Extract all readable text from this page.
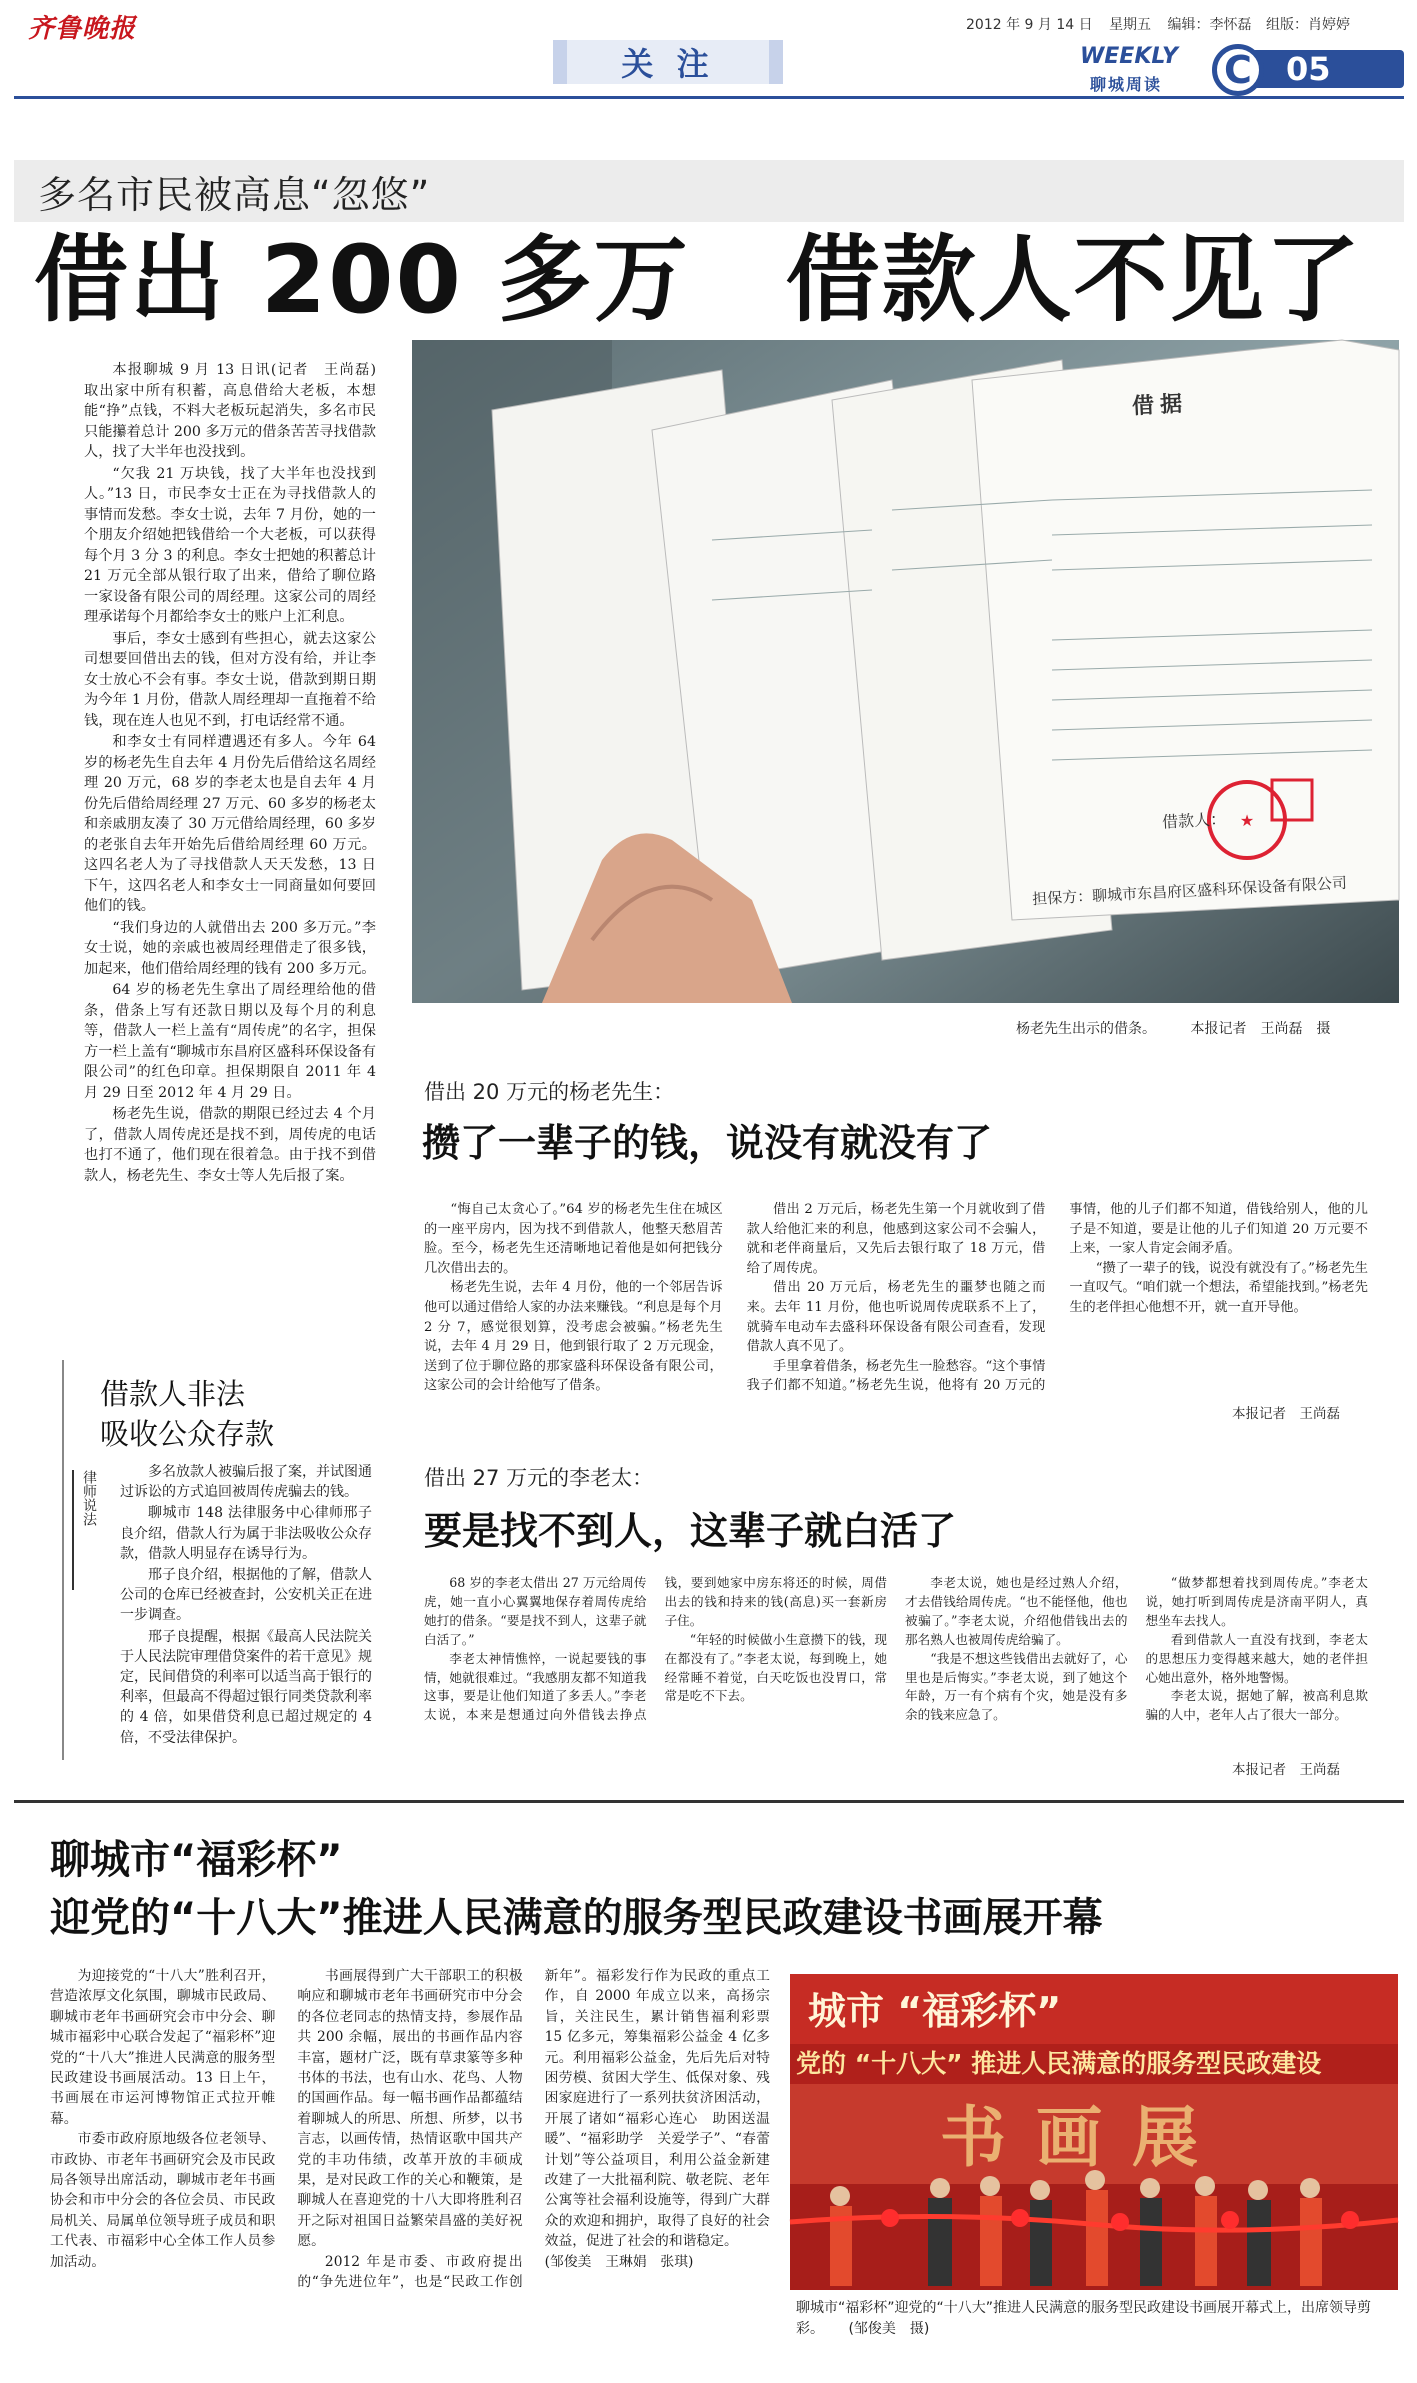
齐鲁晚报	2012 年 9 月 14 日 星期五 编辑：李怀磊 组版：肖婷婷
关 注	WEEKLY
聊城周读	C	05
多名市民被高息“忽悠”
借出 200 多万　借款人不见了

本报聊城 9 月 13 日讯(记者　王尚磊)　取出家中所有积蓄，高息借给大老板，本想能“挣”点钱，不料大老板玩起消失，多名市民只能攥着总计 200 多万元的借条苦苦寻找借款人，找了大半年也没找到。

“欠我 21 万块钱，找了大半年也没找到人。”13 日，市民李女士正在为寻找借款人的事情而发愁。李女士说，去年 7 月份，她的一个朋友介绍她把钱借给一个大老板，可以获得每个月 3 分 3 的利息。李女士把她的积蓄总计 21 万元全部从银行取了出来，借给了聊位路一家设备有限公司的周经理。这家公司的周经理承诺每个月都给李女士的账户上汇利息。

事后，李女士感到有些担心，就去这家公司想要回借出去的钱，但对方没有给，并让李女士放心不会有事。李女士说，借款到期日期为今年 1 月份，借款人周经理却一直拖着不给钱，现在连人也见不到，打电话经常不通。

和李女士有同样遭遇还有多人。今年 64 岁的杨老先生自去年 4 月份先后借给这名周经理 20 万元，68 岁的李老太也是自去年 4 月份先后借给周经理 27 万元、60 多岁的杨老太和亲戚朋友凑了 30 万元借给周经理，60 多岁的老张自去年开始先后借给周经理 60 万元。这四名老人为了寻找借款人天天发愁，13 日下午，这四名老人和李女士一同商量如何要回他们的钱。

“我们身边的人就借出去 200 多万元。”李女士说，她的亲戚也被周经理借走了很多钱，加起来，他们借给周经理的钱有 200 多万元。

64 岁的杨老先生拿出了周经理给他的借条，借条上写有还款日期以及每个月的利息等，借款人一栏上盖有“周传虎”的名字，担保方一栏上盖有“聊城市东昌府区盛科环保设备有限公司”的红色印章。担保期限自 2011 年 4 月 29 日至 2012 年 4 月 29 日。

杨老先生说，借款的期限已经过去 4 个月了，借款人周传虎还是找不到，周传虎的电话也打不通了，他们现在很着急。由于找不到借款人，杨老先生、李女士等人先后报了案。

★
借据
借款人：
担保方：聊城市东昌府区盛科环保设备有限公司
杨老先生出示的借条。 本报记者　王尚磊　摄
借出 20 万元的杨老先生：
攒了一辈子的钱，说没有就没有了

“悔自己太贪心了。”64 岁的杨老先生住在城区的一座平房内，因为找不到借款人，他整天愁眉苦脸。至今，杨老先生还清晰地记着他是如何把钱分几次借出去的。

杨老先生说，去年 4 月份，他的一个邻居告诉他可以通过借给人家的办法来赚钱。“利息是每个月 2 分 7，感觉很划算，没考虑会被骗。”杨老先生说，去年 4 月 29 日，他到银行取了 2 万元现金，送到了位于聊位路的那家盛科环保设备有限公司，这家公司的会计给他写了借条。

借出 2 万元后，杨老先生第一个月就收到了借款人给他汇来的利息，他感到这家公司不会骗人，就和老伴商量后，又先后去银行取了 18 万元，借给了周传虎。

借出 20 万元后，杨老先生的噩梦也随之而来。去年 11 月份，他也听说周传虎联系不上了，就骑车电动车去盛科环保设备有限公司查看，发现借款人真不见了。

手里拿着借条，杨老先生一脸愁容。“这个事情我子们都不知道。”杨老先生说，他将有 20 万元的事情，他的儿子们都不知道，借钱给别人，他的儿子是不知道，要是让他的儿子们知道 20 万元要不上来，一家人肯定会闹矛盾。

“攒了一辈子的钱，说没有就没有了。”杨老先生一直叹气。“咱们就一个想法，希望能找到。”杨老先生的老伴担心他想不开，就一直开导他。

本报记者　王尚磊
律师说法
借款人非法
吸收公众存款

多名放款人被骗后报了案，并试图通过诉讼的方式追回被周传虎骗去的钱。

聊城市 148 法律服务中心律师邢子良介绍，借款人行为属于非法吸收公众存款，借款人明显存在诱导行为。

邢子良介绍，根据他的了解，借款人公司的仓库已经被查封，公安机关正在进一步调查。

邢子良提醒，根据《最高人民法院关于人民法院审理借贷案件的若干意见》规定，民间借贷的利率可以适当高于银行的利率，但最高不得超过银行同类贷款利率的 4 倍，如果借贷利息已超过规定的 4 倍，不受法律保护。

借出 27 万元的李老太：
要是找不到人，这辈子就白活了

68 岁的李老太借出 27 万元给周传虎，她一直小心翼翼地保存着周传虎给她打的借条。“要是找不到人，这辈子就白活了。”

李老太神情憔悴，一说起要钱的事情，她就很难过。“我感朋友都不知道我这事，要是让他们知道了多丢人。”李老太说，本来是想通过向外借钱去挣点钱，要到她家中房东将还的时候，周借出去的钱和持来的钱(高息)买一套新房子住。

“年轻的时候做小生意攒下的钱，现在都没有了。”李老太说，每到晚上，她经常睡不着觉，白天吃饭也没胃口，常常是吃不下去。

李老太说，她也是经过熟人介绍，才去借钱给周传虎。“也不能怪他，他也被骗了。”李老太说，介绍他借钱出去的那名熟人也被周传虎给骗了。

“我是不想这些钱借出去就好了，心里也是后悔实。”李老太说，到了她这个年龄，万一有个病有个灾，她是没有多余的钱来应急了。

“做梦都想着找到周传虎。”李老太说，她打听到周传虎是济南平阴人，真想坐车去找人。

看到借款人一直没有找到，李老太的思想压力变得越来越大，她的老伴担心她出意外，格外地警惕。

李老太说，据她了解，被高利息欺骗的人中，老年人占了很大一部分。

本报记者　王尚磊
聊城市“福彩杯”
迎党的“十八大”推进人民满意的服务型民政建设书画展开幕

为迎接党的“十八大”胜利召开，营造浓厚文化氛围，聊城市民政局、聊城市老年书画研究会市中分会、聊城市福彩中心联合发起了“福彩杯”迎党的“十八大”推进人民满意的服务型民政建设书画展活动。13 日上午，书画展在市运河博物馆正式拉开帷幕。

市委市政府原地级各位老领导、市政协、市老年书画研究会及市民政局各领导出席活动，聊城市老年书画协会和市中分会的各位会员、市民政局机关、局属单位领导班子成员和职工代表、市福彩中心全体工作人员参加活动。

书画展得到广大干部职工的积极响应和聊城市老年书画研究市中分会的各位老同志的热情支持，参展作品共 200 余幅，展出的书画作品内容丰富，题材广泛，既有草隶篆等多种书体的书法，也有山水、花鸟、人物的国画作品。每一幅书画作品都蕴结着聊城人的所思、所想、所梦，以书言志，以画传情，热情讴歌中国共产党的丰功伟绩，改革开放的丰硕成果，是对民政工作的关心和鞭策，是聊城人在喜迎党的十八大即将胜利召开之际对祖国日益繁荣昌盛的美好祝愿。

2012 年是市委、市政府提出的“争先进位年”，也是“民政工作创新年”。福彩发行作为民政的重点工作，自 2000 年成立以来，高扬宗旨，关注民生，累计销售福利彩票 15 亿多元，筹集福彩公益金 4 亿多元。利用福彩公益金，先后先后对特困劳模、贫困大学生、低保对象、残困家庭进行了一系列扶贫济困活动，开展了诸如“福彩心连心　助困送温暖”、“福彩助学　关爱学子”、“春蕾计划”等公益项目，利用公益金新建改建了一大批福利院、敬老院、老年公寓等社会福利设施等，得到广大群众的欢迎和拥护，取得了良好的社会效益，促进了社会的和谐稳定。

(邹俊美　王琳娟　张琪)

城市 “福彩杯”
党的 “十八大” 推进人民满意的服务型民政建设
书画展
聊城市“福彩杯”迎党的“十八大”推进人民满意的服务型民政建设书画展开幕式上，出席领导剪彩。 (邹俊美　摄)
